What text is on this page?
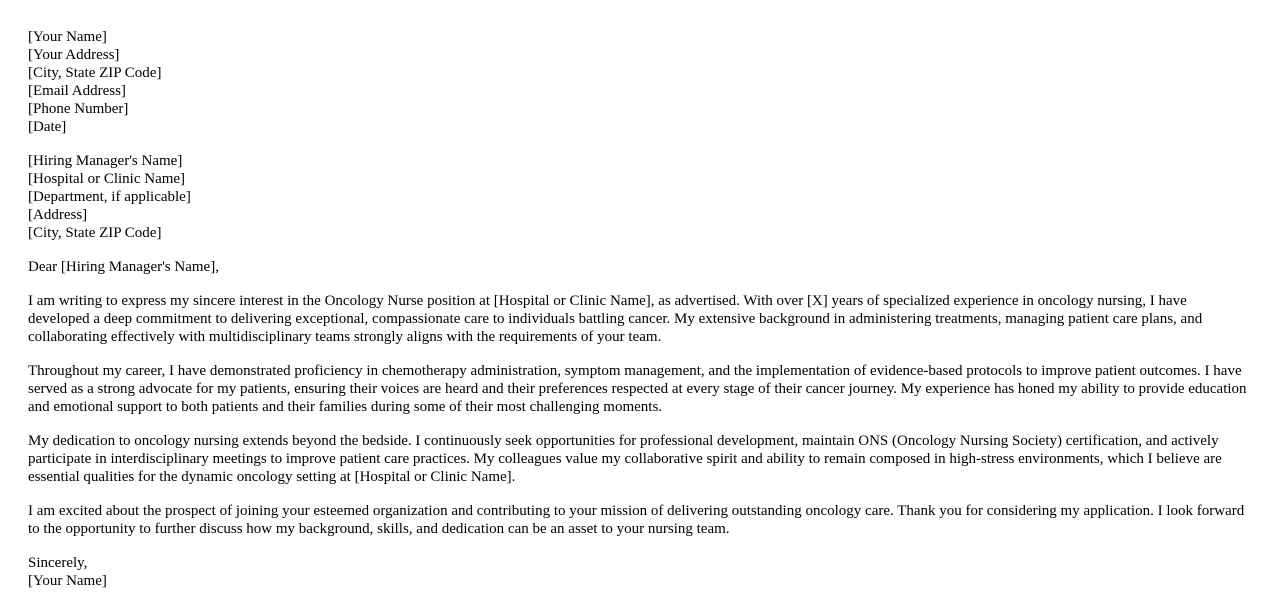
[Your Name]
[Your Address]
[City, State ZIP Code]
[Email Address]
[Phone Number]
[Date]
[Hiring Manager's Name]
[Hospital or Clinic Name]
[Department, if applicable]
[Address]
[City, State ZIP Code]

Dear [Hiring Manager's Name],

I am writing to express my sincere interest in the Oncology Nurse position at [Hospital or Clinic Name], as advertised. With over [X] years of specialized experience in oncology nursing, I have developed a deep commitment to delivering exceptional, compassionate care to individuals battling cancer. My extensive background in administering treatments, managing patient care plans, and collaborating effectively with multidisciplinary teams strongly aligns with the requirements of your team.

Throughout my career, I have demonstrated proficiency in chemotherapy administration, symptom management, and the implementation of evidence-based protocols to improve patient outcomes. I have served as a strong advocate for my patients, ensuring their voices are heard and their preferences respected at every stage of their cancer journey. My experience has honed my ability to provide education and emotional support to both patients and their families during some of their most challenging moments.

My dedication to oncology nursing extends beyond the bedside. I continuously seek opportunities for professional development, maintain ONS (Oncology Nursing Society) certification, and actively participate in interdisciplinary meetings to improve patient care practices. My colleagues value my collaborative spirit and ability to remain composed in high-stress environments, which I believe are essential qualities for the dynamic oncology setting at [Hospital or Clinic Name].

I am excited about the prospect of joining your esteemed organization and contributing to your mission of delivering outstanding oncology care. Thank you for considering my application. I look forward to the opportunity to further discuss how my background, skills, and dedication can be an asset to your nursing team.

Sincerely,
[Your Name]
